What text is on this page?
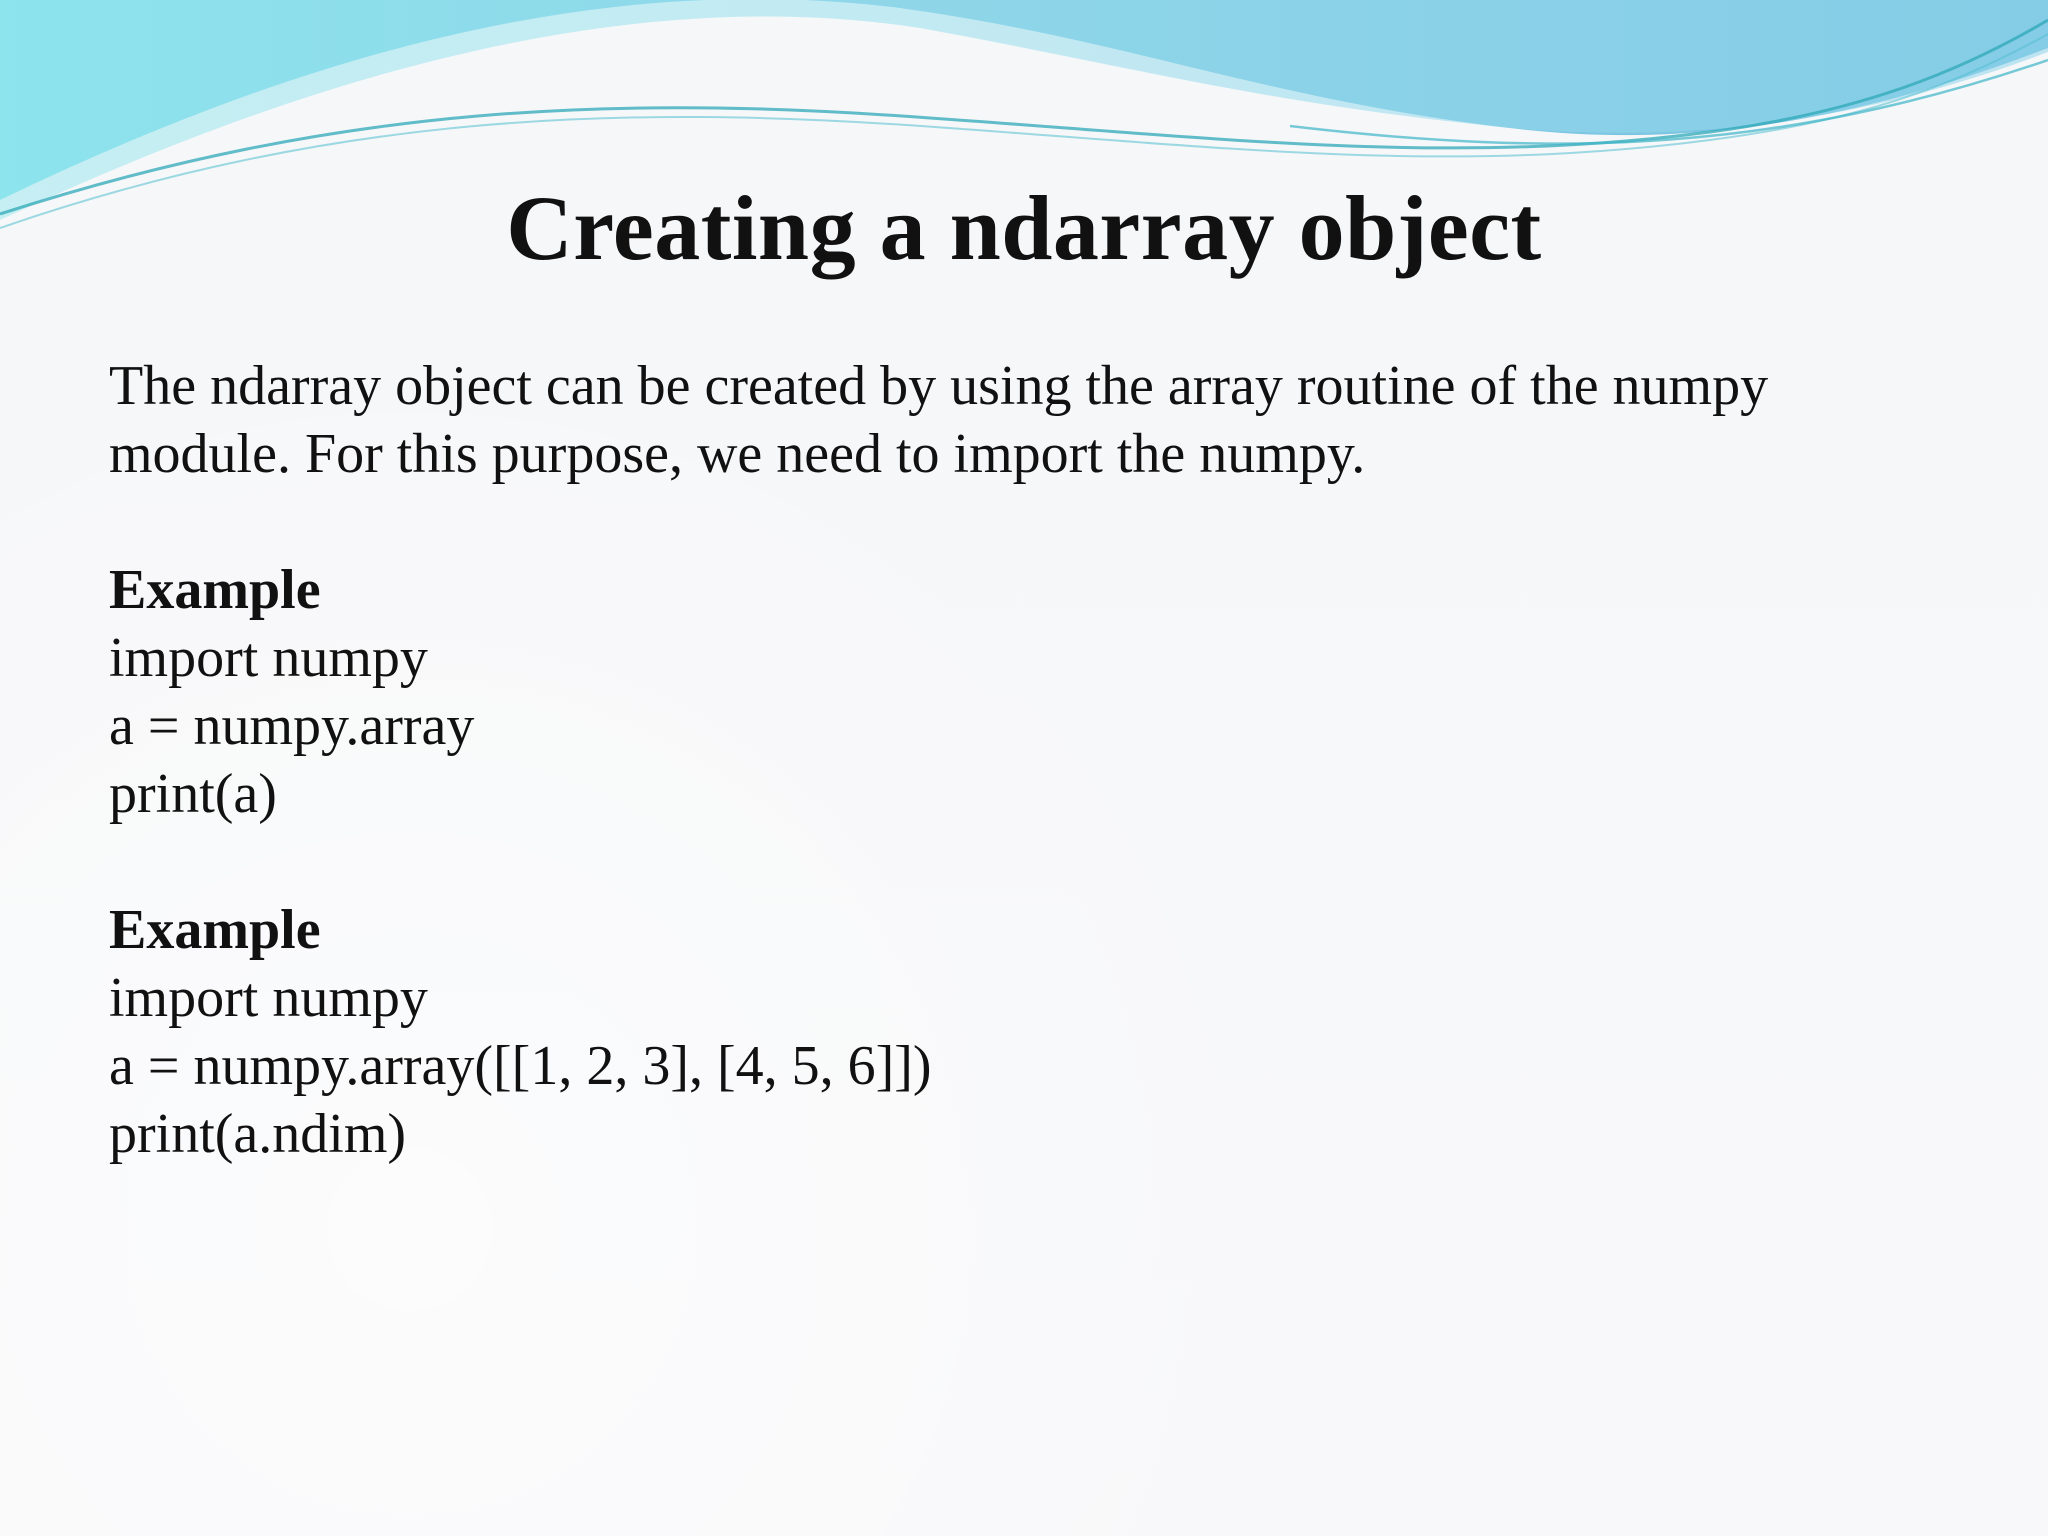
Creating a ndarray object

The ndarray object can be created by using the array routine of the numpy
module. For this purpose, we need to import the numpy.

Example
import numpy
a = numpy.array
print(a)
Example
import numpy
a = numpy.array([[1, 2, 3], [4, 5, 6]])
print(a.ndim)
